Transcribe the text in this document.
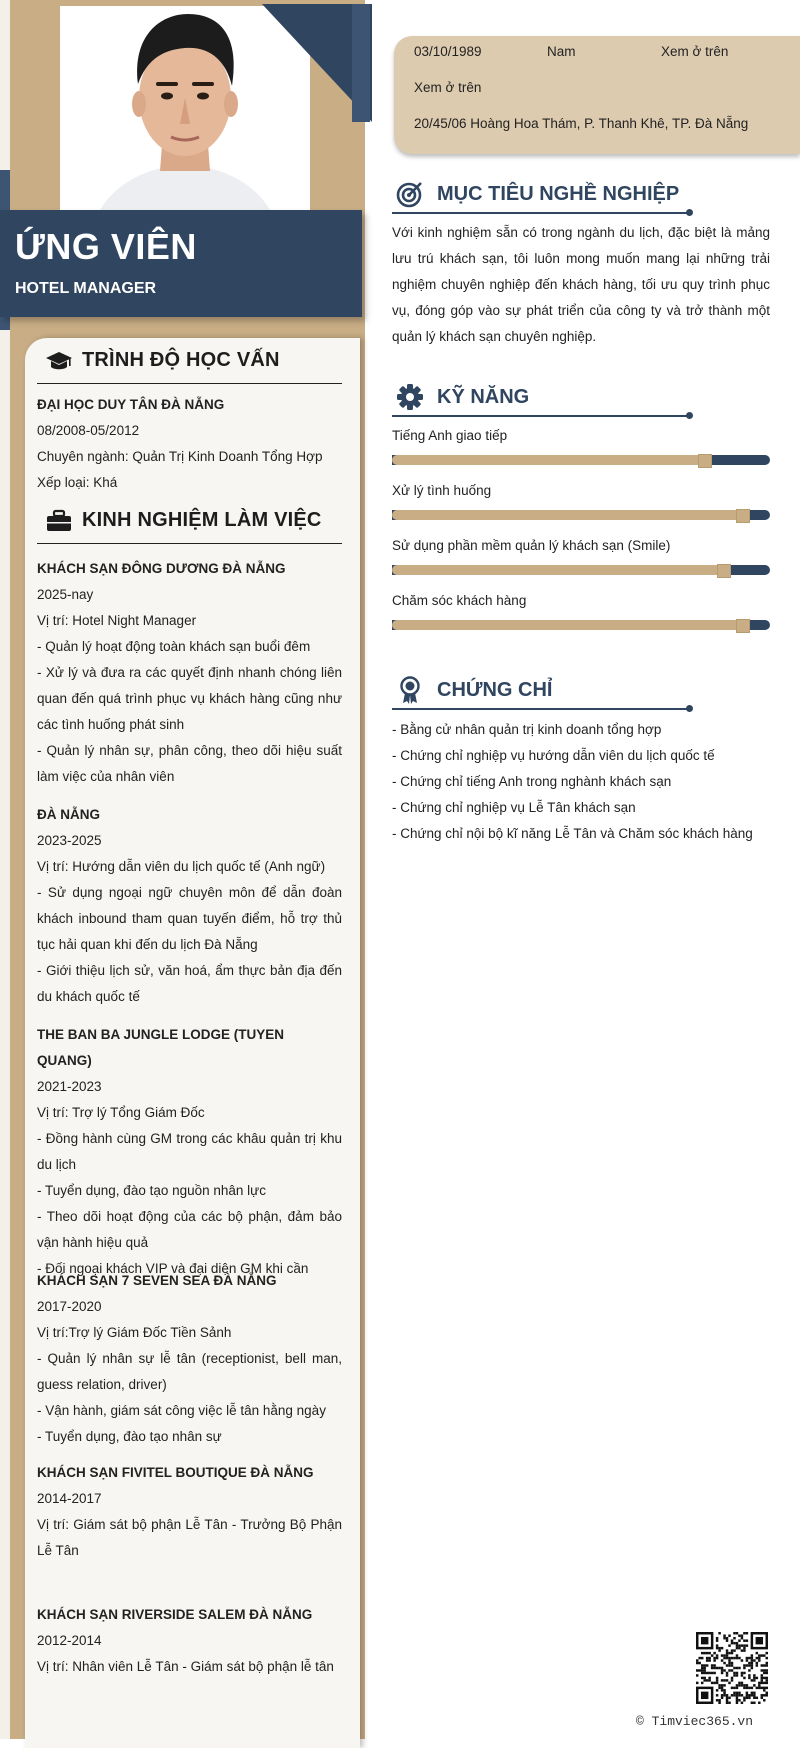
ỨNG VIÊN
HOTEL MANAGER
TRÌNH ĐỘ HỌC VẤN
ĐẠI HỌC DUY TÂN ĐÀ NẴNG
08/2008-05/2012
Chuyên ngành: Quản Trị Kinh Doanh Tổng Hợp
Xếp loại: Khá
KINH NGHIỆM LÀM VIỆC
KHÁCH SẠN ĐÔNG DƯƠNG ĐÀ NẴNG
2025-nay
Vị trí: Hotel Night Manager
- Quản lý hoạt động toàn khách sạn buổi đêm
- Xử lý và đưa ra các quyết định nhanh chóng liên quan đến quá trình phục vụ khách hàng cũng như các tình huống phát sinh
- Quản lý nhân sự, phân công, theo dõi hiệu suất làm việc của nhân viên
ĐÀ NẴNG
2023-2025
Vị trí: Hướng dẫn viên du lịch quốc tế (Anh ngữ)
- Sử dụng ngoại ngữ chuyên môn để dẫn đoàn khách inbound tham quan tuyến điểm, hỗ trợ thủ tục hải quan khi đến du lịch Đà Nẵng
- Giới thiệu lịch sử, văn hoá, ẩm thực bản địa đến du khách quốc tế
THE BAN BA JUNGLE LODGE (TUYEN QUANG)
2021-2023
Vị trí: Trợ lý Tổng Giám Đốc
- Đồng hành cùng GM trong các khâu quản trị khu du lịch
- Tuyển dụng, đào tạo nguồn nhân lực
- Theo dõi hoạt động của các bộ phận, đảm bảo vận hành hiệu quả
- Đối ngoại khách VIP và đại diện GM khi cần
KHÁCH SẠN 7 SEVEN SEA ĐÀ NẴNG
2017-2020
Vị trí:Trợ lý Giám Đốc Tiền Sảnh
- Quản lý nhân sự lễ tân (receptionist, bell man, guess relation, driver)
- Vận hành, giám sát công việc lễ tân hằng ngày
- Tuyển dụng, đào tạo nhân sự
KHÁCH SẠN FIVITEL BOUTIQUE ĐÀ NẴNG
2014-2017
Vị trí: Giám sát bộ phận Lễ Tân - Trưởng Bộ Phận Lễ Tân
KHÁCH SẠN RIVERSIDE SALEM ĐÀ NẴNG
2012-2014
Vị trí: Nhân viên Lễ Tân - Giám sát bộ phận lễ tân
03/10/1989	Nam	Xem ở trên
Xem ở trên
20/45/06 Hoàng Hoa Thám, P. Thanh Khê, TP. Đà Nẵng
MỤC TIÊU NGHỀ NGHIỆP
Với kinh nghiệm sẵn có trong ngành du lịch, đặc biệt là mảng lưu trú khách sạn, tôi luôn mong muốn mang lại những trải nghiệm chuyên nghiệp đến khách hàng, tối ưu quy trình phục vụ, đóng góp vào sự phát triển của công ty và trở thành một quản lý khách sạn chuyên nghiệp.
KỸ NĂNG
Tiếng Anh giao tiếp
Xử lý tình huống
Sử dụng phần mềm quản lý khách sạn (Smile)
Chăm sóc khách hàng
CHỨNG CHỈ
- Bằng cử nhân quản trị kinh doanh tổng hợp
- Chứng chỉ nghiệp vụ hướng dẫn viên du lịch quốc tế
- Chứng chỉ tiếng Anh trong nghành khách sạn
- Chứng chỉ nghiệp vụ Lễ Tân khách sạn
- Chứng chỉ nội bộ kĩ năng Lễ Tân và Chăm sóc khách hàng
© Timviec365.vn
